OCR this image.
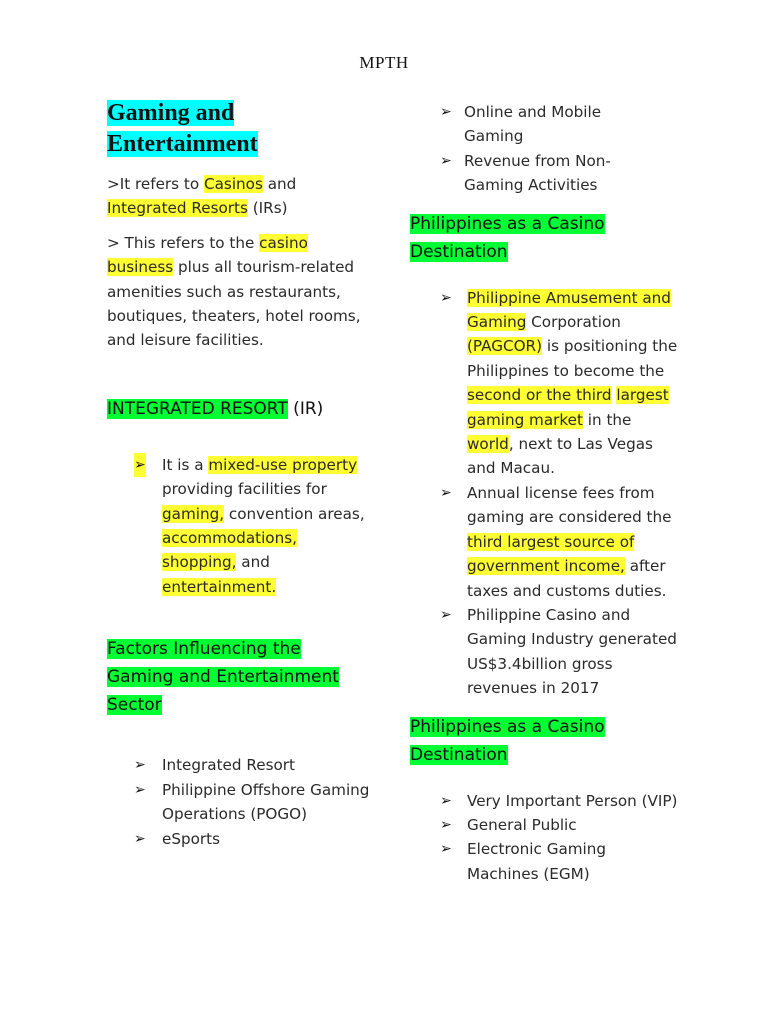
MPTH
Gaming and
Entertainment
>It refers to Casinos and
Integrated Resorts (IRs)
> This refers to the casino
business plus all tourism-related amenities such as restaurants, boutiques, theaters, hotel rooms, and leisure facilities.
INTEGRATED RESORT (IR)
➢ It is a mixed-use property providing facilities for gaming, convention areas, accommodations, shopping, and entertainment.
Factors Influencing the
Gaming and Entertainment
Sector
➢ Integrated Resort
➢ Philippine Offshore Gaming Operations (POGO)
➢ eSports
➢ Online and Mobile Gaming
➢ Revenue from Non-Gaming Activities
Philippines as a Casino
Destination
➢ Philippine Amusement and Gaming Corporation (PAGCOR) is positioning the Philippines to become the second or the third largest gaming market in the world, next to Las Vegas and Macau.
➢ Annual license fees from gaming are considered the third largest source of government income, after taxes and customs duties.
➢ Philippine Casino and Gaming Industry generated US$3.4billion gross revenues in 2017
Philippines as a Casino
Destination
➢ Very Important Person (VIP)
➢ General Public
➢ Electronic Gaming Machines (EGM)
